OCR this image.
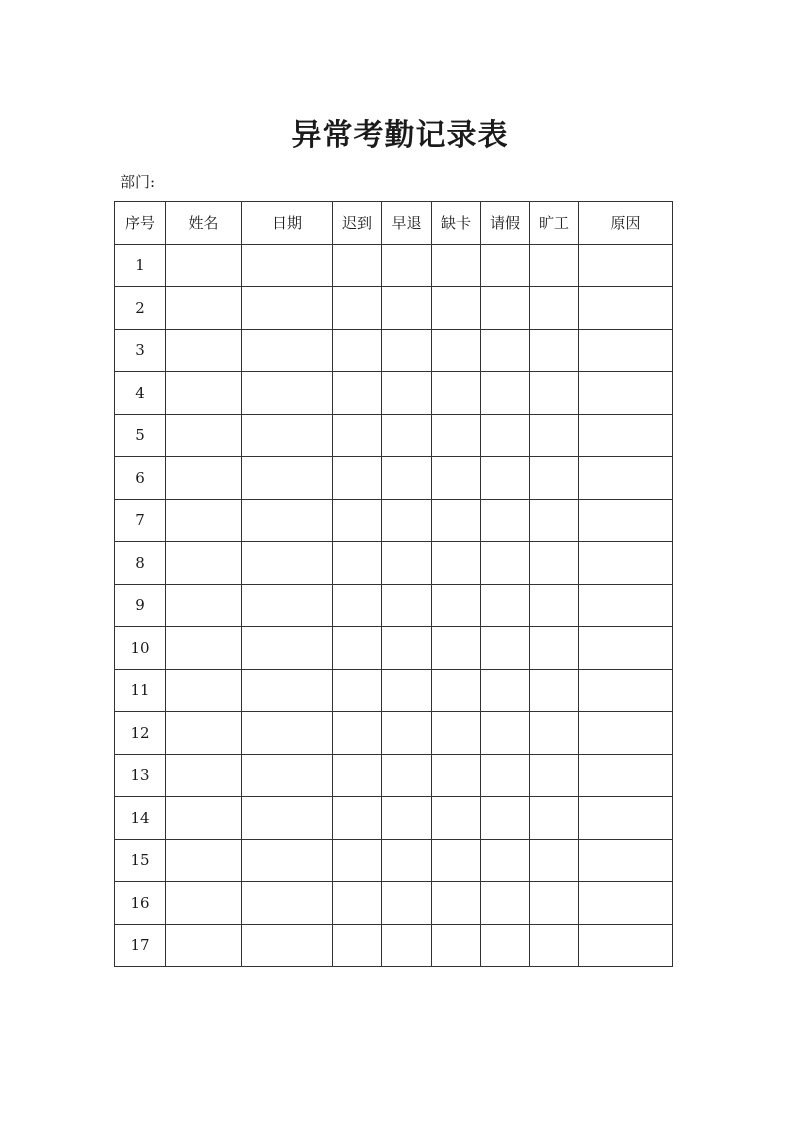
异常考勤记录表
部门:
序号	姓名	日期	迟到	早退	缺卡	请假	旷工	原因
1								
2								
3								
4								
5								
6								
7								
8								
9								
10								
11								
12								
13								
14								
15								
16								
17								
